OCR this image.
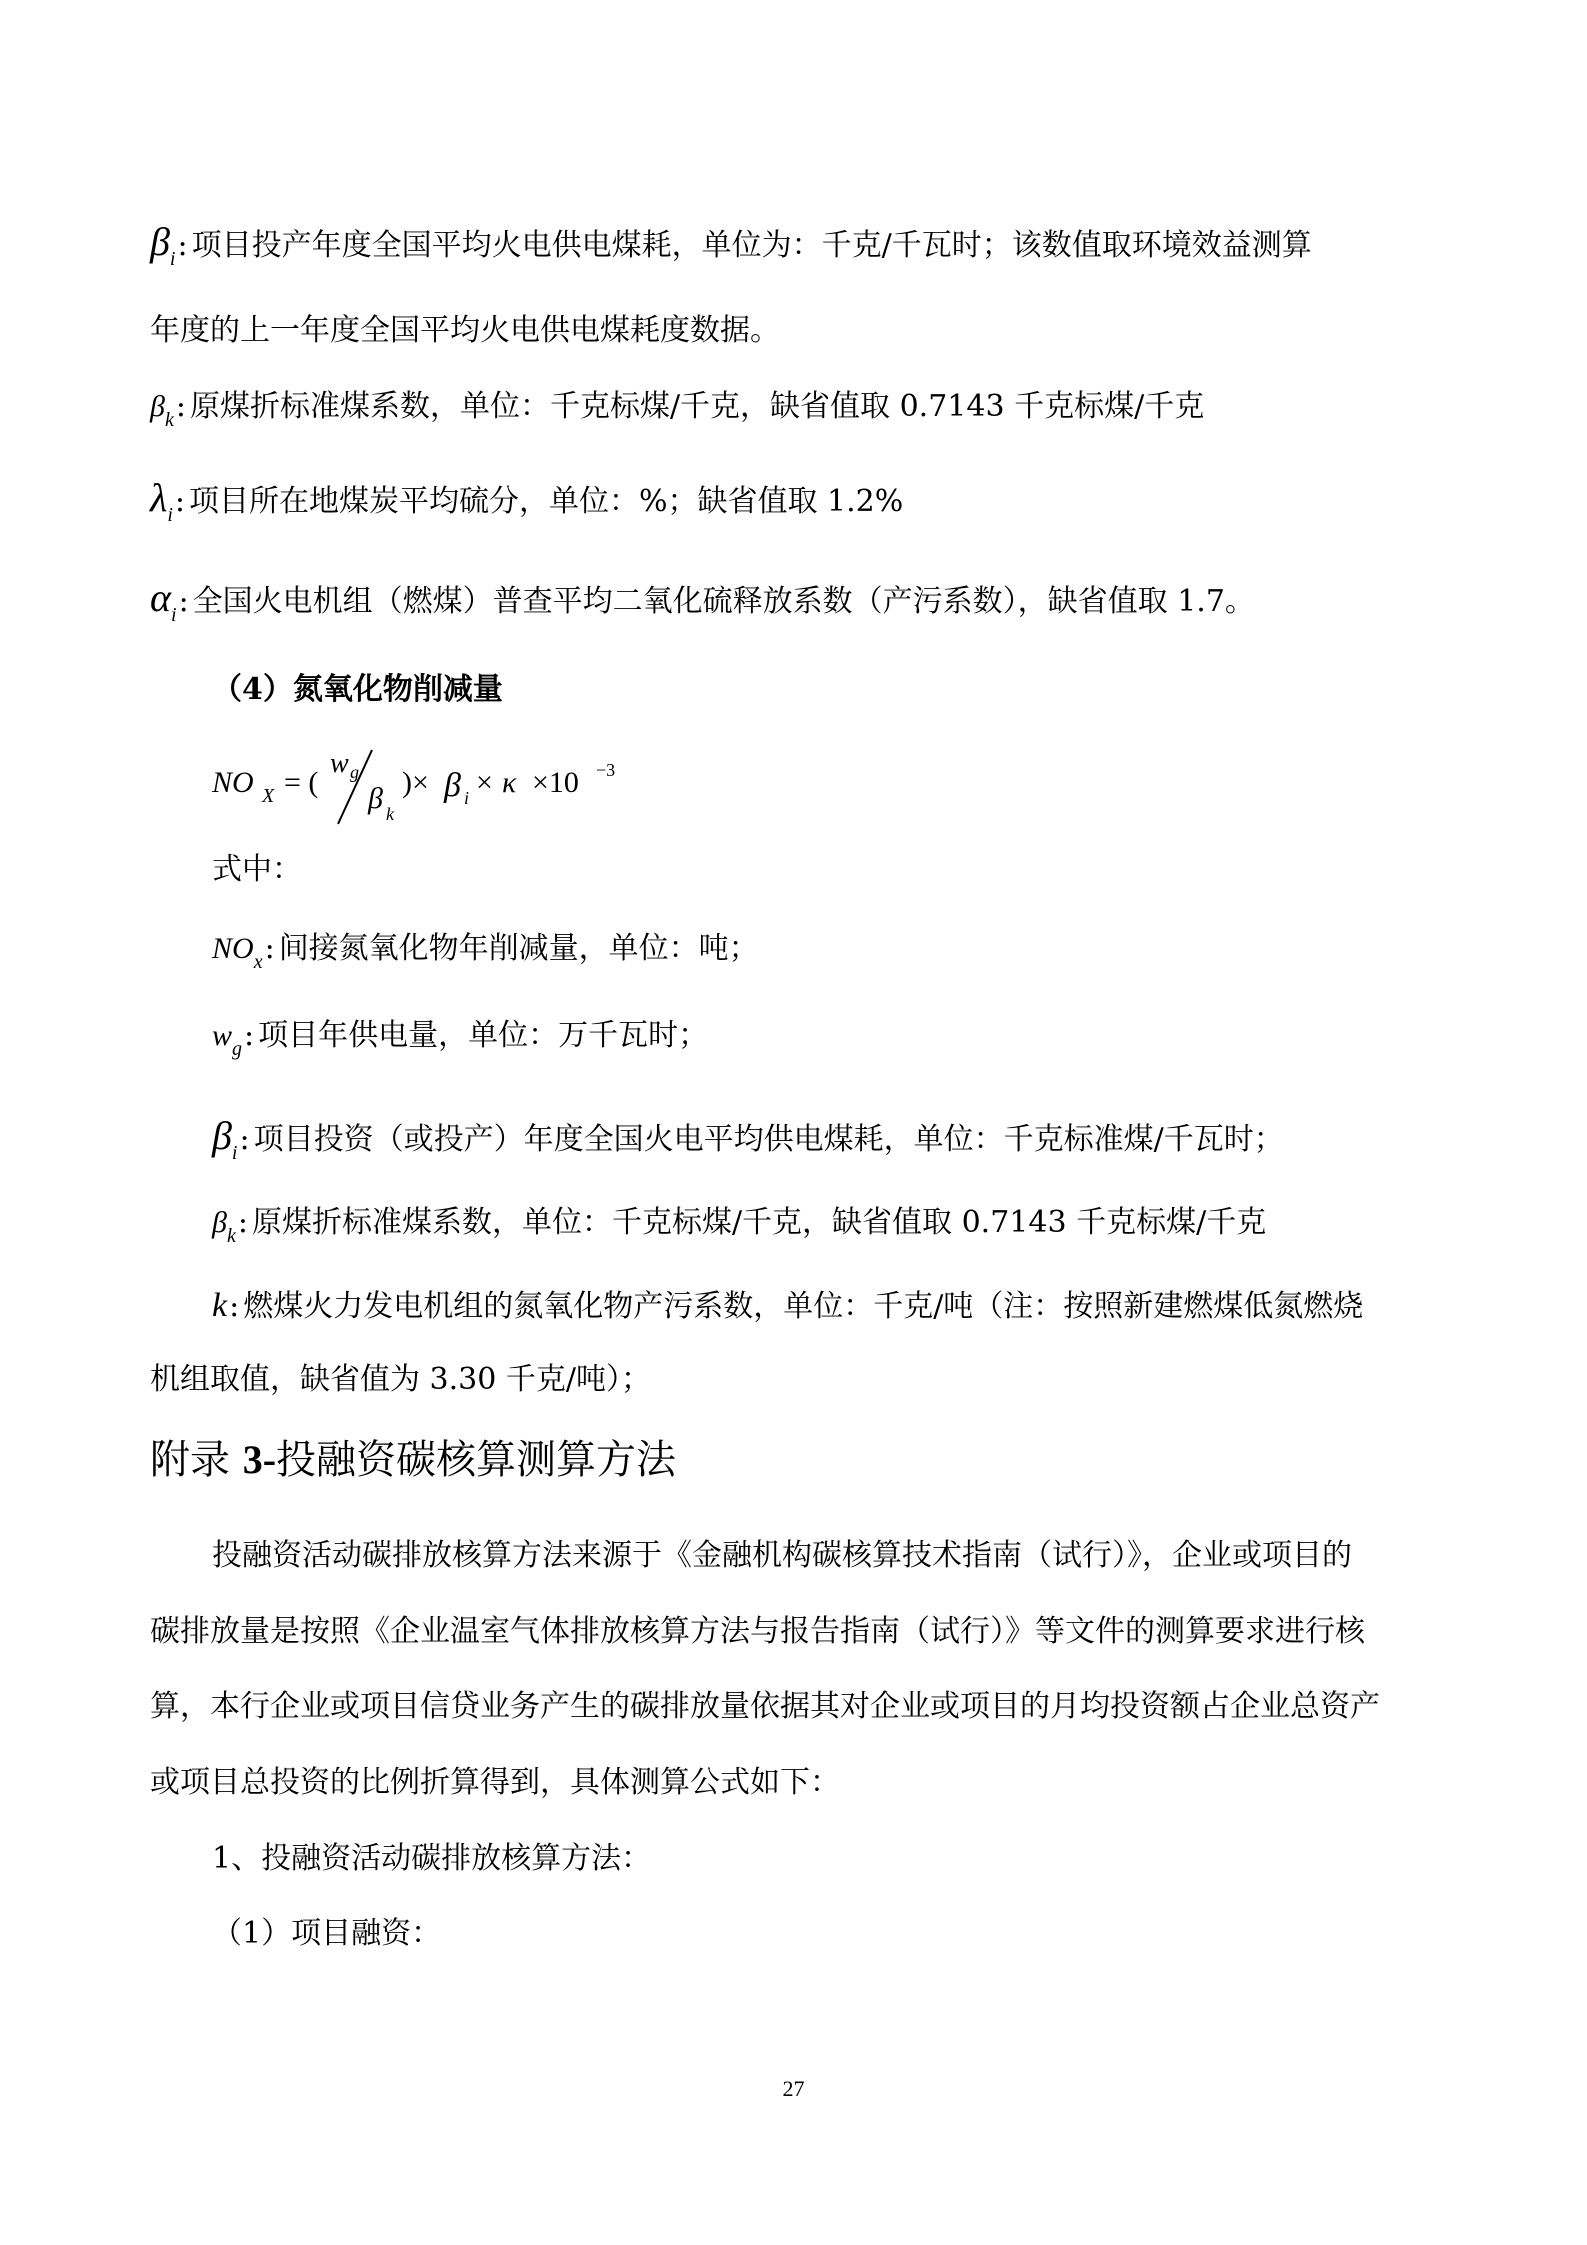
$\beta_i$: 项目投产年度全国平均火电供电煤耗，单位为：千克/千瓦时；该数值取环境效益测算
年度的上一年度全国平均火电供电煤耗度数据。
$\beta_k$: 原煤折标准煤系数，单位：千克标煤/千克，缺省值取 0.7143 千克标煤/千克
$\lambda_i$: 项目所在地煤炭平均硫分，单位：%；缺省值取 1.2%
$\alpha_i$: 全国火电机组（燃煤）普查平均二氧化硫释放系数（产污系数），缺省值取 1.7。
（4）氮氧化物削减量
NO X = (
w g
β k
)× β i × κ ×10 −3
式中：
$NO_x$: 间接氮氧化物年削减量，单位：吨；
$w_g$: 项目年供电量，单位：万千瓦时；
$\beta_i$: 项目投资（或投产）年度全国火电平均供电煤耗，单位：千克标准煤/千瓦时；
$\beta_k$: 原煤折标准煤系数，单位：千克标煤/千克，缺省值取 0.7143 千克标煤/千克
k: 燃煤火力发电机组的氮氧化物产污系数，单位：千克/吨（注：按照新建燃煤低氮燃烧
机组取值，缺省值为 3.30 千克/吨）；
附录 3-投融资碳核算测算方法
投融资活动碳排放核算方法来源于《金融机构碳核算技术指南（试行）》，企业或项目的
碳排放量是按照《企业温室气体排放核算方法与报告指南（试行）》等文件的测算要求进行核
算，本行企业或项目信贷业务产生的碳排放量依据其对企业或项目的月均投资额占企业总资产
或项目总投资的比例折算得到，具体测算公式如下：
1、投融资活动碳排放核算方法：
（1）项目融资：
27
